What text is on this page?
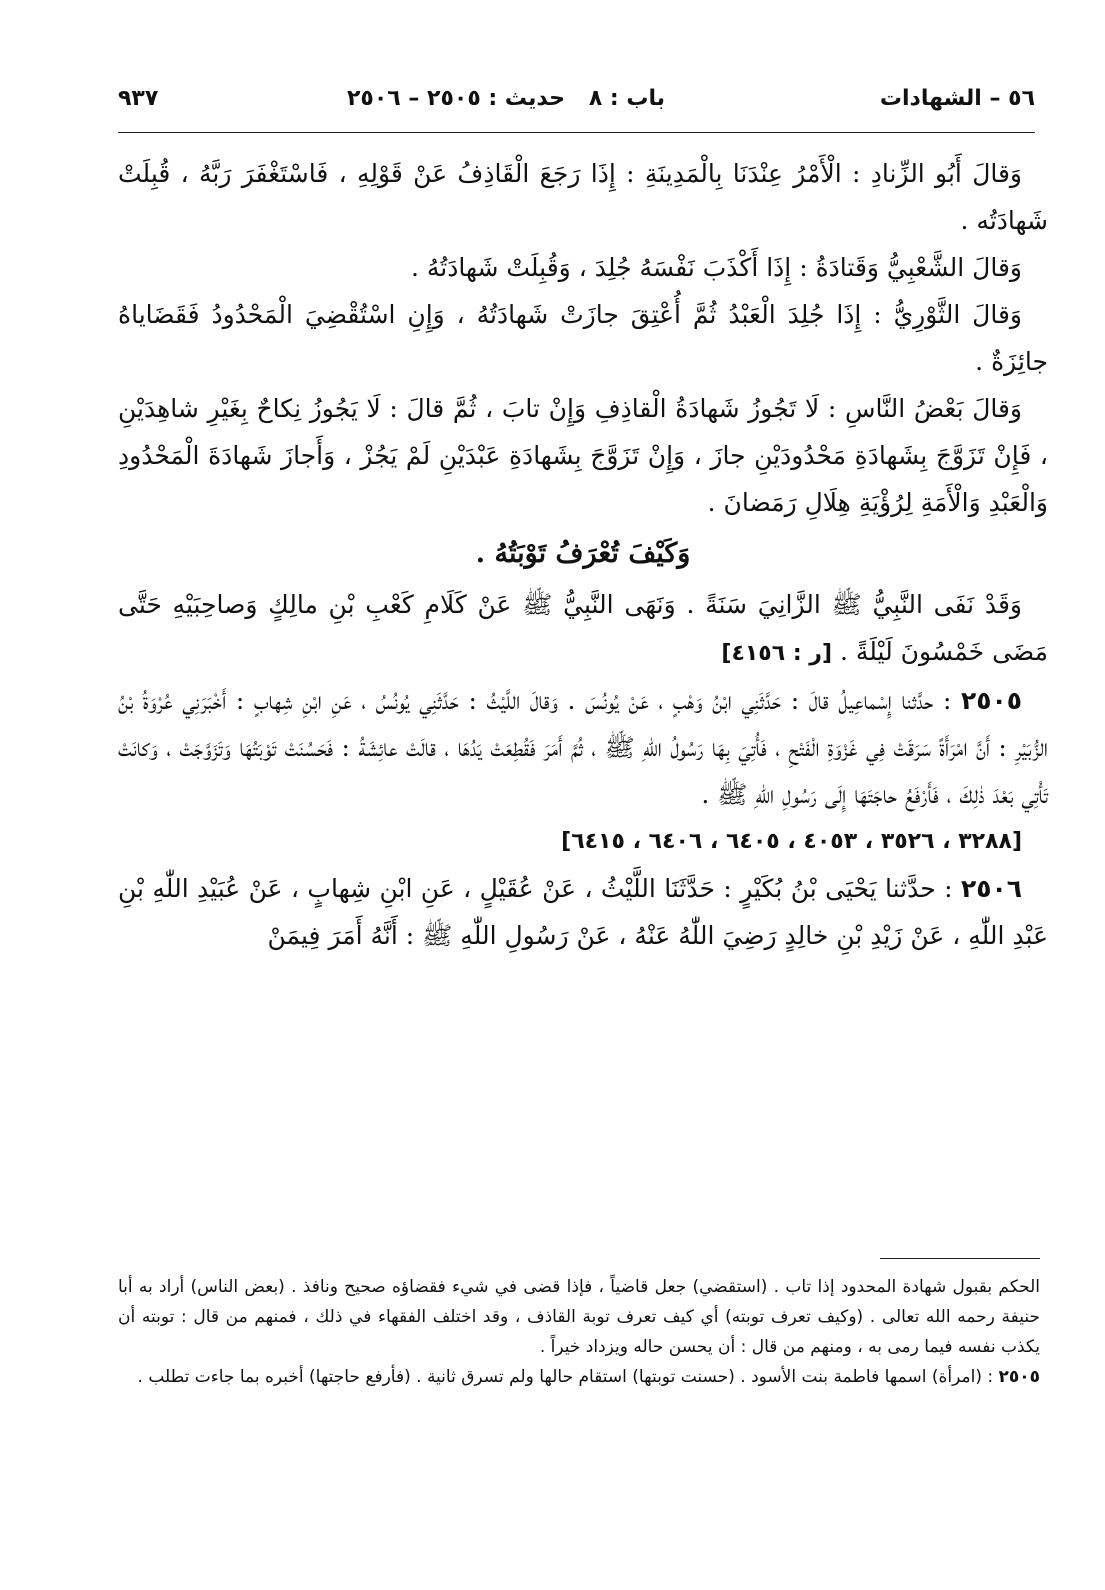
٥٦ – الشهادات
باب : ٨
حديث : ٢٥٠٥ – ٢٥٠٦
٩٣٧

وَقالَ أَبُو الزِّنادِ : الْأَمْرُ عِنْدَنَا بِالْمَدِينَةِ : إِذَا رَجَعَ الْقَاذِفُ عَنْ قَوْلِهِ ، فَاسْتَغْفَرَ رَبَّهُ ، قُبِلَتْ شَهادَتُه .

وَقالَ الشَّعْبِيُّ وَقَتادَةُ : إِذَا أَكْذَبَ نَفْسَهُ جُلِدَ ، وَقُبِلَتْ شَهادَتُهُ .

وَقالَ الثَّوْرِيُّ : إِذَا جُلِدَ الْعَبْدُ ثُمَّ أُعْتِقَ جازَتْ شَهادَتُهُ ، وَإِنِ اسْتُقْضِيَ الْمَحْدُودُ فَقَضَاياهُ جائِزَةٌ .

وَقالَ بَعْضُ النَّاسِ : لَا تَجُوزُ شَهادَةُ الْقاذِفِ وَإِنْ تابَ ، ثُمَّ قالَ : لَا يَجُوزُ نِكاحٌ بِغَيْرِ شاهِدَيْنِ ، فَإِنْ تَزَوَّجَ بِشَهادَةِ مَحْدُودَيْنِ جازَ ، وَإِنْ تَزَوَّجَ بِشَهادَةِ عَبْدَيْنِ لَمْ يَجُزْ ، وَأَجازَ شَهادَةَ الْمَحْدُودِ وَالْعَبْدِ وَالْأَمَةِ لِرُؤْيَةِ هِلَالِ رَمَضانَ .

وَكَيْفَ تُعْرَفُ تَوْبَتُهُ .

وَقَدْ نَفَى النَّبِيُّ ﷺ الزَّانِيَ سَنَةً . وَنَهَى النَّبِيُّ ﷺ عَنْ كَلَامِ كَعْبِ بْنِ مالِكٍ وَصاحِبَيْهِ حَتَّى مَضَى خَمْسُونَ لَيْلَةً . [ر : ٤١٥٦]

٢٥٠٥ : حدَّثنا إِسْماعِيلُ قالَ : حَدَّثَنِي ابْنُ وَهْبٍ ، عَنْ يُونُسَ . وَقالَ اللَّيْثُ : حَدَّثَنِي يُونُسُ ، عَنِ ابْنِ شِهابٍ : أَخْبَرَنِي عُرْوَةُ بْنُ الزُّبَيْرِ : أَنَّ امْرَأَةً سَرَقَتْ فِي غَزْوَةِ الْفَتْحِ ، فَأُتِيَ بِهَا رَسُولُ اللّٰهِ ﷺ ، ثُمَّ أَمَرَ فَقُطِعَتْ يَدُهَا ، قالَتْ عائِشَةُ : فَحَسُنَتْ تَوْبَتُهَا وَتَزَوَّجَتْ ، وَكانَتْ تَأْتِي بَعْدَ ذٰلِكَ ، فَأَرْفَعُ حاجَتَهَا إِلَى رَسُولِ اللّٰهِ ﷺ .

[٣٢٨٨ ، ٣٥٢٦ ، ٤٠٥٣ ، ٦٤٠٥ ، ٦٤٠٦ ، ٦٤١٥]

٢٥٠٦ : حدَّثنا يَحْيَى بْنُ بُكَيْرٍ : حَدَّثَنَا اللَّيْثُ ، عَنْ عُقَيْلٍ ، عَنِ ابْنِ شِهابٍ ، عَنْ عُبَيْدِ اللّٰهِ بْنِ عَبْدِ اللّٰهِ ، عَنْ زَيْدِ بْنِ خالِدٍ رَضِيَ اللّٰهُ عَنْهُ ، عَنْ رَسُولِ اللّٰهِ ﷺ : أَنَّهُ أَمَرَ فِيمَنْ

الحكم بقبول شهادة المحدود إذا تاب . (استقضي) جعل قاضياً ، فإذا قضى في شيء فقضاؤه صحيح ونافذ . (بعض الناس) أراد به أبا حنيفة رحمه الله تعالى . (وكيف تعرف توبته) أي كيف تعرف توبة القاذف ، وقد اختلف الفقهاء في ذلك ، فمنهم من قال : توبته أن يكذب نفسه فيما رمى به ، ومنهم من قال : أن يحسن حاله ويزداد خيراً .

٢٥٠٥ : (امرأة) اسمها فاطمة بنت الأسود . (حسنت توبتها) استقام حالها ولم تسرق ثانية . (فأرفع حاجتها) أخبره بما جاءت تطلب .
